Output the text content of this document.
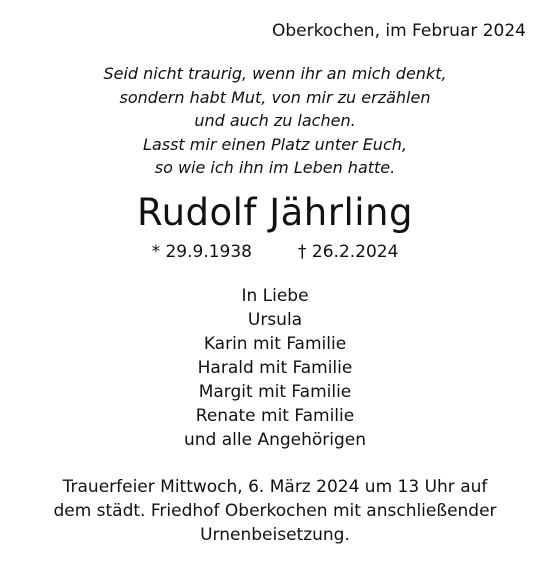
Oberkochen, im Februar 2024
Seid nicht traurig, wenn ihr an mich denkt,
sondern habt Mut, von mir zu erzählen
und auch zu lachen.
Lasst mir einen Platz unter Euch,
so wie ich ihn im Leben hatte.
Rudolf Jährling
* 29.9.1938	† 26.2.2024
In Liebe
Ursula
Karin mit Familie
Harald mit Familie
Margit mit Familie
Renate mit Familie
und alle Angehörigen
Trauerfeier Mittwoch, 6. März 2024 um 13 Uhr auf
dem städt. Friedhof Oberkochen mit anschließender
Urnenbeisetzung.
